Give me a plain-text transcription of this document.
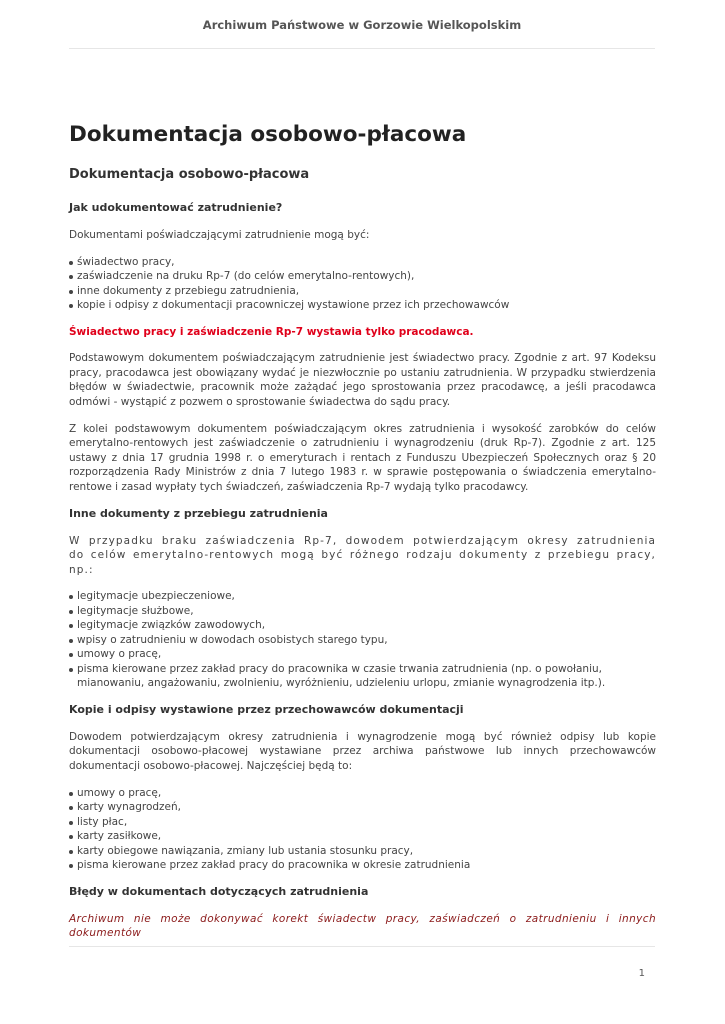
Archiwum Państwowe w Gorzowie Wielkopolskim
Dokumentacja osobowo-płacowa
Dokumentacja osobowo-płacowa
Jak udokumentować zatrudnienie?

Dokumentami poświadczającymi zatrudnienie mogą być:

świadectwo pracy,
zaświadczenie na druku Rp-7 (do celów emerytalno-rentowych),
inne dokumenty z przebiegu zatrudnienia,
kopie i odpisy z dokumentacji pracowniczej wystawione przez ich przechowawców

Świadectwo pracy i zaświadczenie Rp-7 wystawia tylko pracodawca.

Podstawowym dokumentem poświadczającym zatrudnienie jest świadectwo pracy. Zgodnie z art. 97 Kodeksu pracy, pracodawca jest obowiązany wydać je niezwłocznie po ustaniu zatrudnienia. W przypadku stwierdzenia błędów w świadectwie, pracownik może zażądać jego sprostowania przez pracodawcę, a jeśli pracodawca odmówi - wystąpić z pozwem o sprostowanie świadectwa do sądu pracy.

Z kolei podstawowym dokumentem poświadczającym okres zatrudnienia i wysokość zarobków do celów emerytalno-rentowych jest zaświadczenie o zatrudnieniu i wynagrodzeniu (druk Rp-7). Zgodnie z art. 125 ustawy z dnia 17 grudnia 1998 r. o emeryturach i rentach z Funduszu Ubezpieczeń Społecznych oraz § 20 rozporządzenia Rady Ministrów z dnia 7 lutego 1983 r. w sprawie postępowania o świadczenia emerytalno-rentowe i zasad wypłaty tych świadczeń, zaświadczenia Rp-7 wydają tylko pracodawcy.

Inne dokumenty z przebiegu zatrudnienia

W przypadku braku zaświadczenia Rp-7, dowodem potwierdzającym okresy zatrudnienia do celów emerytalno-rentowych mogą być różnego rodzaju dokumenty z przebiegu pracy, np.:

legitymacje ubezpieczeniowe,
legitymacje służbowe,
legitymacje związków zawodowych,
wpisy o zatrudnieniu w dowodach osobistych starego typu,
umowy o pracę,
pisma kierowane przez zakład pracy do pracownika w czasie trwania zatrudnienia (np. o powołaniu, mianowaniu, angażowaniu, zwolnieniu, wyróżnieniu, udzieleniu urlopu, zmianie wynagrodzenia itp.).
Kopie i odpisy wystawione przez przechowawców dokumentacji

Dowodem potwierdzającym okresy zatrudnienia i wynagrodzenie mogą być również odpisy lub kopie dokumentacji osobowo-płacowej wystawiane przez archiwa państwowe lub innych przechowawców dokumentacji osobowo-płacowej. Najczęściej będą to:

umowy o pracę,
karty wynagrodzeń,
listy płac,
karty zasiłkowe,
karty obiegowe nawiązania, zmiany lub ustania stosunku pracy,
pisma kierowane przez zakład pracy do pracownika w okresie zatrudnienia
Błędy w dokumentach dotyczących zatrudnienia

Archiwum nie może dokonywać korekt świadectw pracy, zaświadczeń o zatrudnieniu i innych dokumentów

1
